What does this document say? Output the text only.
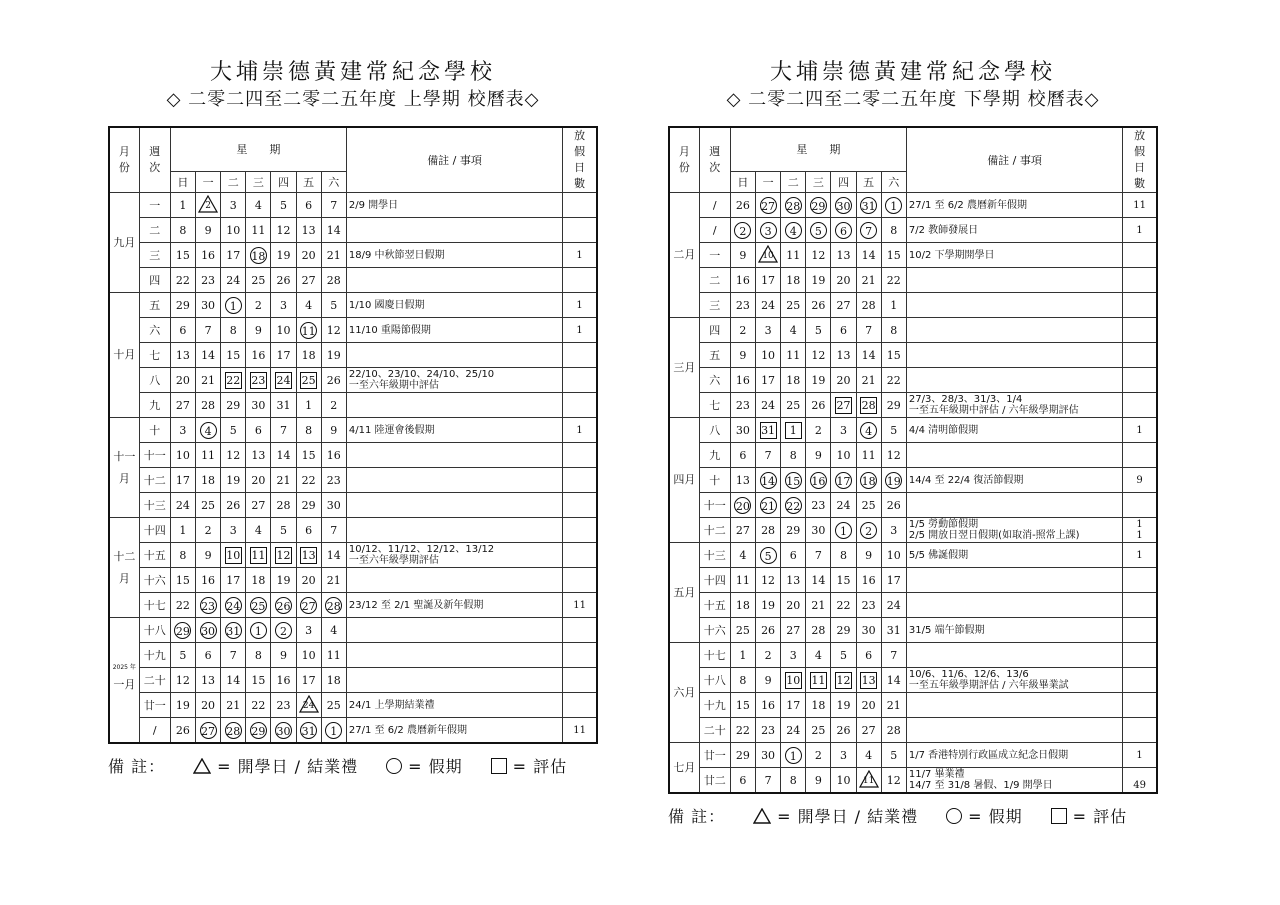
大埔崇德黃建常紀念學校
◇ 二零二四至二零二五年度 上學期 校曆表◇
月
份	週
次	星　　期							備註 / 事項	放
假
日
數

		日	一	二	三	四	五	六		
九月	一	1	2	3	4	5	6	7	2/9 開學日	

	二	8	9	10	11	12	13	14		
	三	15	16	17	18	19	20	21	18/9 中秋節翌日假期	1

	四	22	23	24	25	26	27	28		
十月	五	29	30	1	2	3	4	5	1/10 國慶日假期	1

	六	6	7	8	9	10	11	12	11/10 重陽節假期	1

	七	13	14	15	16	17	18	19		
	八	20	21	22	23	24	25	26	22/10、23/10、24/10、25/10
一至六年級期中評估	

	九	27	28	29	30	31	1	2		
十一月	十	3	4	5	6	7	8	9	4/11 陸運會後假期	1

	十一	10	11	12	13	14	15	16		
	十二	17	18	19	20	21	22	23		
	十三	24	25	26	27	28	29	30		
十二月	十四	1	2	3	4	5	6	7		
	十五	8	9	10	11	12	13	14	10/12、11/12、12/12、13/12
一至六年級學期評估	

	十六	15	16	17	18	19	20	21		
	十七	22	23	24	25	26	27	28	23/12 至 2/1 聖誕及新年假期	11

2025 年
一月	十八	29	30	31	1	2	3	4		
	十九	5	6	7	8	9	10	11		
	二十	12	13	14	15	16	17	18		
	廿一	19	20	21	22	23	24	25	24/1 上學期結業禮	

	/	26	27	28	29	30	31	1	27/1 至 6/2 農曆新年假期	11
備 註：	= 開學日 / 結業禮	= 假期	= 評估
大埔崇德黃建常紀念學校
◇ 二零二四至二零二五年度 下學期 校曆表◇
月
份	週
次	星　　期							備註 / 事項	放
假
日
數

		日	一	二	三	四	五	六		
二月	/	26	27	28	29	30	31	1	27/1 至 6/2 農曆新年假期	11

	/	2	3	4	5	6	7	8	7/2 教師發展日	1

	一	9	10	11	12	13	14	15	10/2 下學期開學日	

	二	16	17	18	19	20	21	22		
	三	23	24	25	26	27	28	1		
三月	四	2	3	4	5	6	7	8		
	五	9	10	11	12	13	14	15		
	六	16	17	18	19	20	21	22		
	七	23	24	25	26	27	28	29	27/3、28/3、31/3、1/4
一至五年級期中評估 / 六年級學期評估	

四月	八	30	31	1	2	3	4	5	4/4 清明節假期	1

	九	6	7	8	9	10	11	12		
	十	13	14	15	16	17	18	19	14/4 至 22/4 復活節假期	9

	十一	20	21	22	23	24	25	26		
	十二	27	28	29	30	1	2	3	1/5 勞動節假期
2/5 開放日翌日假期(如取消-照常上課)	1
1

五月	十三	4	5	6	7	8	9	10	5/5 佛誕假期	1

	十四	11	12	13	14	15	16	17		
	十五	18	19	20	21	22	23	24		
	十六	25	26	27	28	29	30	31	31/5 端午節假期	

六月	十七	1	2	3	4	5	6	7		
	十八	8	9	10	11	12	13	14	10/6、11/6、12/6、13/6
一至五年級學期評估 / 六年級畢業試	

	十九	15	16	17	18	19	20	21		
	二十	22	23	24	25	26	27	28		
七月	廿一	29	30	1	2	3	4	5	1/7 香港特別行政區成立紀念日假期	1

	廿二	6	7	8	9	10	11	12	11/7 畢業禮
14/7 至 31/8 暑假、1/9 開學日	49
備 註：	= 開學日 / 結業禮	= 假期	= 評估
